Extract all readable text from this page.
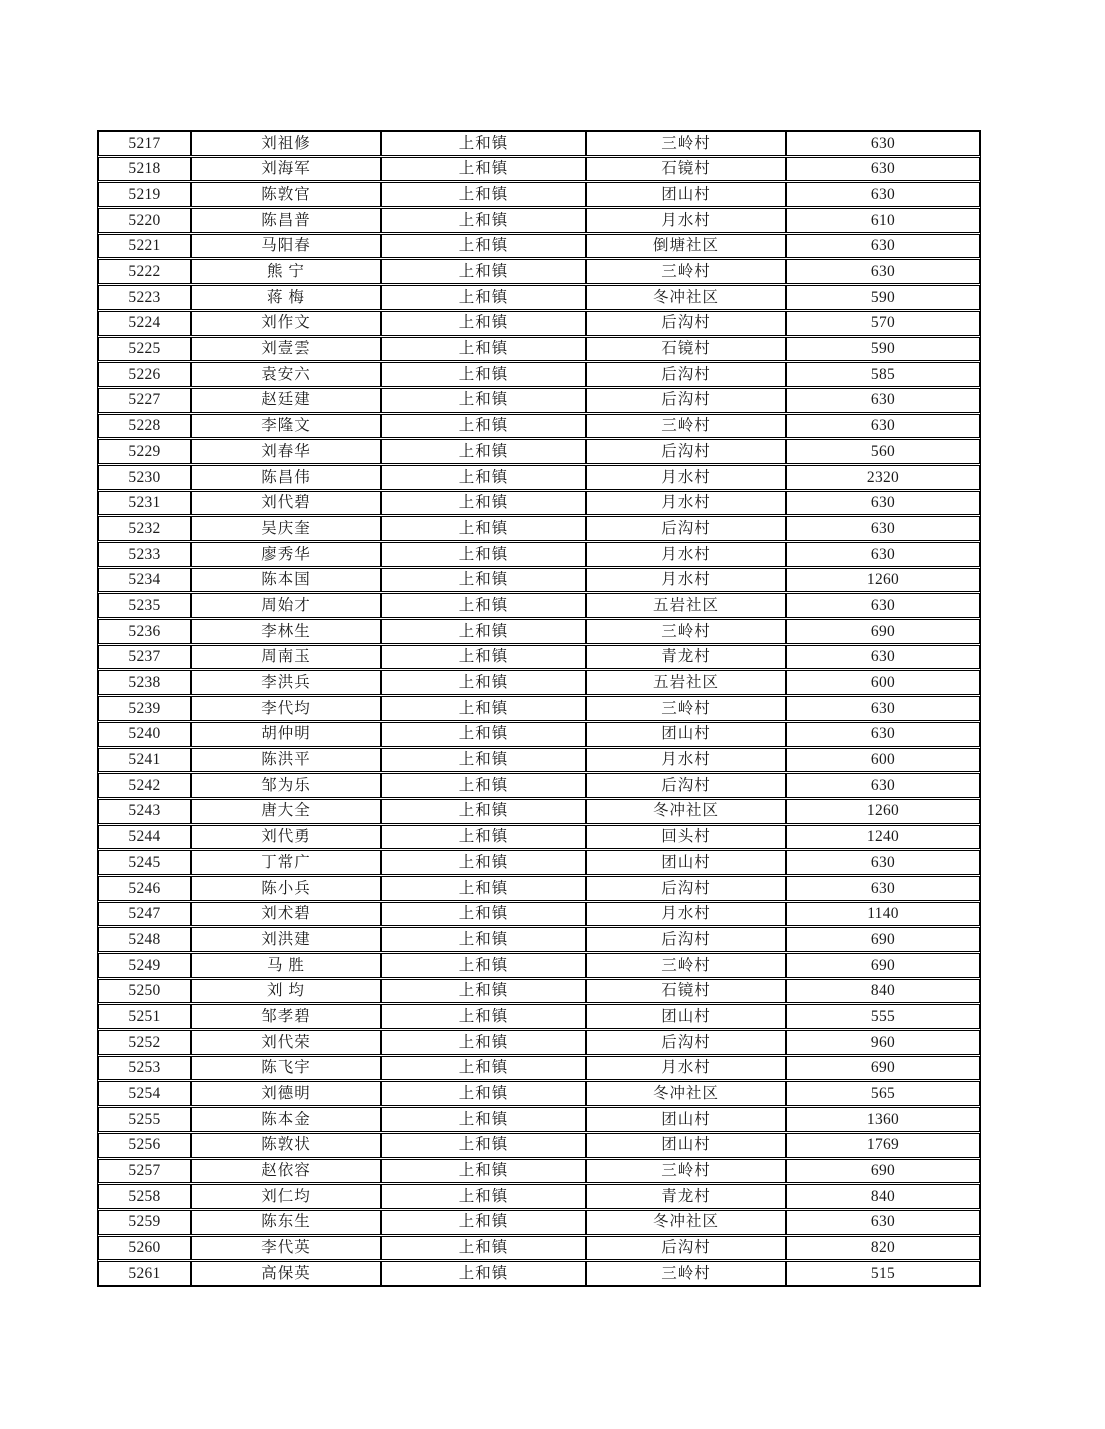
5217	刘祖修	上和镇	三岭村	630
5218	刘海军	上和镇	石镜村	630
5219	陈敦官	上和镇	团山村	630
5220	陈昌普	上和镇	月水村	610
5221	马阳春	上和镇	倒塘社区	630
5222	熊 宁	上和镇	三岭村	630
5223	蒋 梅	上和镇	冬冲社区	590
5224	刘作文	上和镇	后沟村	570
5225	刘壹雲	上和镇	石镜村	590
5226	袁安六	上和镇	后沟村	585
5227	赵廷建	上和镇	后沟村	630
5228	李隆文	上和镇	三岭村	630
5229	刘春华	上和镇	后沟村	560
5230	陈昌伟	上和镇	月水村	2320
5231	刘代碧	上和镇	月水村	630
5232	吴庆奎	上和镇	后沟村	630
5233	廖秀华	上和镇	月水村	630
5234	陈本国	上和镇	月水村	1260
5235	周始才	上和镇	五岩社区	630
5236	李林生	上和镇	三岭村	690
5237	周南玉	上和镇	青龙村	630
5238	李洪兵	上和镇	五岩社区	600
5239	李代均	上和镇	三岭村	630
5240	胡仲明	上和镇	团山村	630
5241	陈洪平	上和镇	月水村	600
5242	邹为乐	上和镇	后沟村	630
5243	唐大全	上和镇	冬冲社区	1260
5244	刘代勇	上和镇	回头村	1240
5245	丁常广	上和镇	团山村	630
5246	陈小兵	上和镇	后沟村	630
5247	刘术碧	上和镇	月水村	1140
5248	刘洪建	上和镇	后沟村	690
5249	马 胜	上和镇	三岭村	690
5250	刘 均	上和镇	石镜村	840
5251	邹孝碧	上和镇	团山村	555
5252	刘代荣	上和镇	后沟村	960
5253	陈飞宇	上和镇	月水村	690
5254	刘德明	上和镇	冬冲社区	565
5255	陈本金	上和镇	团山村	1360
5256	陈敦状	上和镇	团山村	1769
5257	赵依容	上和镇	三岭村	690
5258	刘仁均	上和镇	青龙村	840
5259	陈东生	上和镇	冬冲社区	630
5260	李代英	上和镇	后沟村	820
5261	高保英	上和镇	三岭村	515
